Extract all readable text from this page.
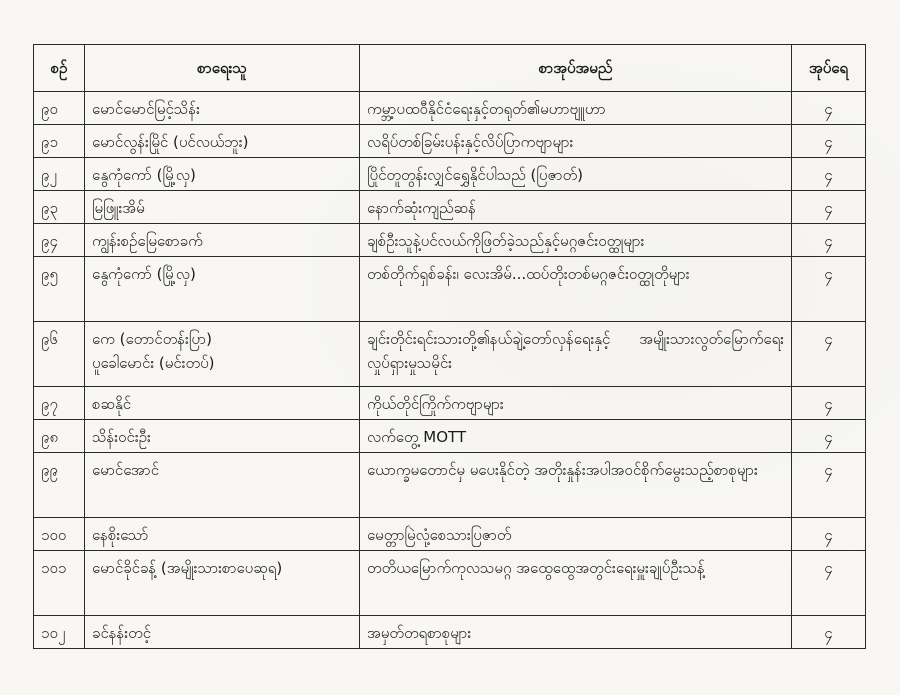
စဉ်	စာရေးသူ	စာအုပ်အမည်	အုပ်ရေ
၉၀	မောင်မောင်မြင့်သိန်း	ကမ္ဘာ့ပထဝီနိုင်ငံရေးနှင့်တရုတ်၏မဟာဗျူဟာ	၄
၉၁	မောင်လွန်းမြိုင် (ပင်လယ်ဘူး)	လရိပ်တစ်ခြမ်းပန်းနှင့်လိပ်ပြာကဗျာများ	၄
၉၂	နွေကုံကော် (မြို့လှ)	ပြိုင်တူတွန်းလျှင်ရွှေနိုင်ပါသည် (ပြဇာတ်)	၄
၉၃	မြဖြူးအိမ်	နောက်ဆုံးကျည်ဆန်	၄
၉၄	ကျွန်းစဉ်မြေစောခက်	ချစ်ဦးသူနဲ့ပင်လယ်ကိုဖြတ်ခဲ့သည်နှင့်မဂ္ဂဇင်းဝတ္ထုများ	၄
၉၅	နွေကုံကော် (မြို့လှ)	တစ်တိုက်ရှစ်ခန်း၊ လေးအိမ်...ထပ်တိုးတစ်မဂ္ဂဇင်းဝတ္ထုတိုများ	၄
၉၆	ကေ (တောင်တန်းပြာ)
ပူခေါမောင်း (မင်းတပ်)	ချင်းတိုင်းရင်းသားတို့၏နယ်ချဲ့တော်လှန်ရေးနှင့် အမျိုးသားလွတ်မြောက်ရေးလှုပ်ရှားမှုသမိုင်း	၄
၉၇	စဆနိုင်	ကိုယ်တိုင်ကြိုက်ကဗျာများ	၄
၉၈	သိန်းဝင်းဦး	လက်တွေ့ MOTT	၄
၉၉	မောင်အောင်	ယောက္ခမတောင်မှ မပေးနိုင်တဲ့ အတိုးနှုန်းအပါအဝင်စိုက်မွေးသည့်စာစုများ	၄
၁၀၀	နေစိုးသော်	မေတ္တာမြဲလုံ့စေသားပြဇာတ်	၄
၁၀၁	မောင်ခိုင်ခန့် (အမျိုးသားစာပေဆုရ)	တတိယမြောက်ကုလသမဂ္ဂ အထွေထွေအတွင်းရေးမှူးချုပ်ဦးသန့်	၄
၁၀၂	ခင်နန်းတင့်	အမှတ်တရစာစုများ	၄
